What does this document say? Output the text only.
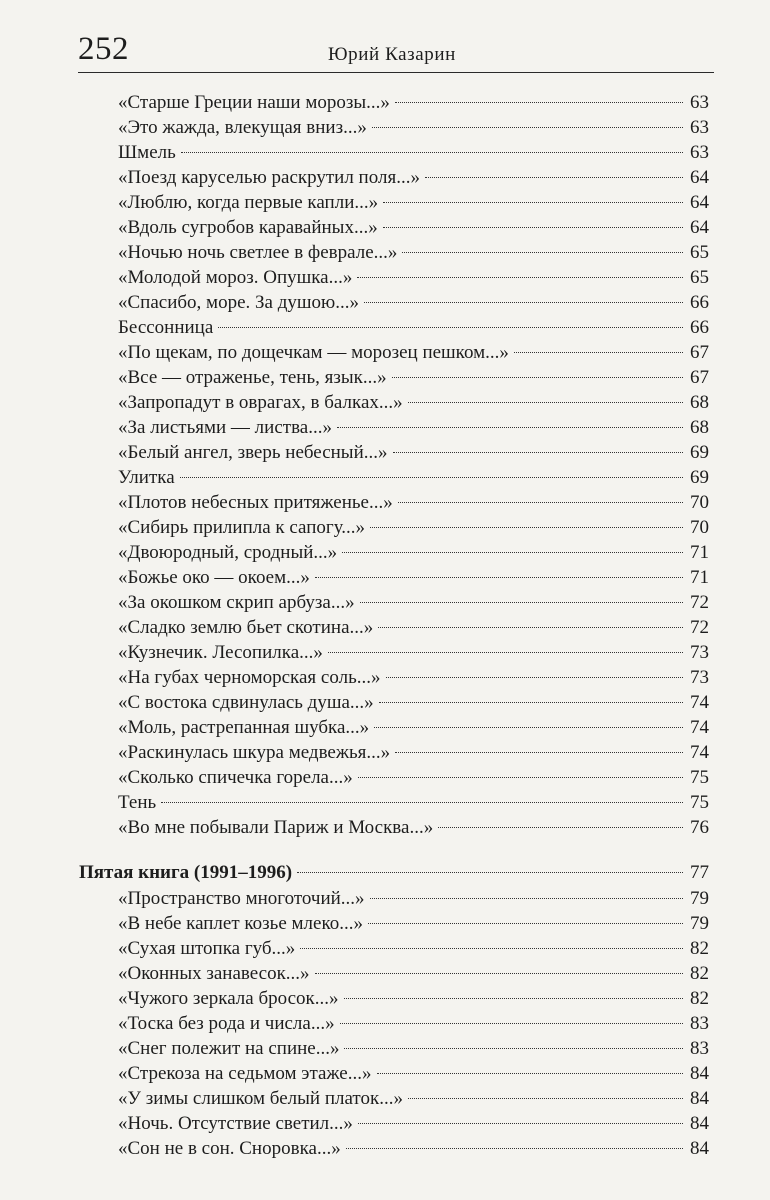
252	Юрий Казарин
«Старше Греции наши морозы...»	63
«Это жажда, влекущая вниз...»	63
Шмель	63
«Поезд каруселью раскрутил поля...»	64
«Люблю, когда первые капли...»	64
«Вдоль сугробов каравайных...»	64
«Ночью ночь светлее в феврале...»	65
«Молодой мороз. Опушка...»	65
«Спасибо, море. За душою...»	66
Бессонница	66
«По щекам, по дощечкам — морозец пешком...»	67
«Все — отраженье, тень, язык...»	67
«Запропадут в оврагах, в балках...»	68
«За листьями — листва...»	68
«Белый ангел, зверь небесный...»	69
Улитка	69
«Плотов небесных притяженье...»	70
«Сибирь прилипла к сапогу...»	70
«Двоюродный, сродный...»	71
«Божье око — окоем...»	71
«За окошком скрип арбуза...»	72
«Сладко землю бьет скотина...»	72
«Кузнечик. Лесопилка...»	73
«На губах черноморская соль...»	73
«С востока сдвинулась душа...»	74
«Моль, растрепанная шубка...»	74
«Раскинулась шкура медвежья...»	74
«Сколько спичечка горела...»	75
Тень	75
«Во мне побывали Париж и Москва...»	76
Пятая книга (1991–1996)	77
«Пространство многоточий...»	79
«В небе каплет козье млеко...»	79
«Сухая штопка губ...»	82
«Оконных занавесок...»	82
«Чужого зеркала бросок...»	82
«Тоска без рода и числа...»	83
«Снег полежит на спине...»	83
«Стрекоза на седьмом этаже...»	84
«У зимы слишком белый платок...»	84
«Ночь. Отсутствие светил...»	84
«Сон не в сон. Сноровка...»	84
